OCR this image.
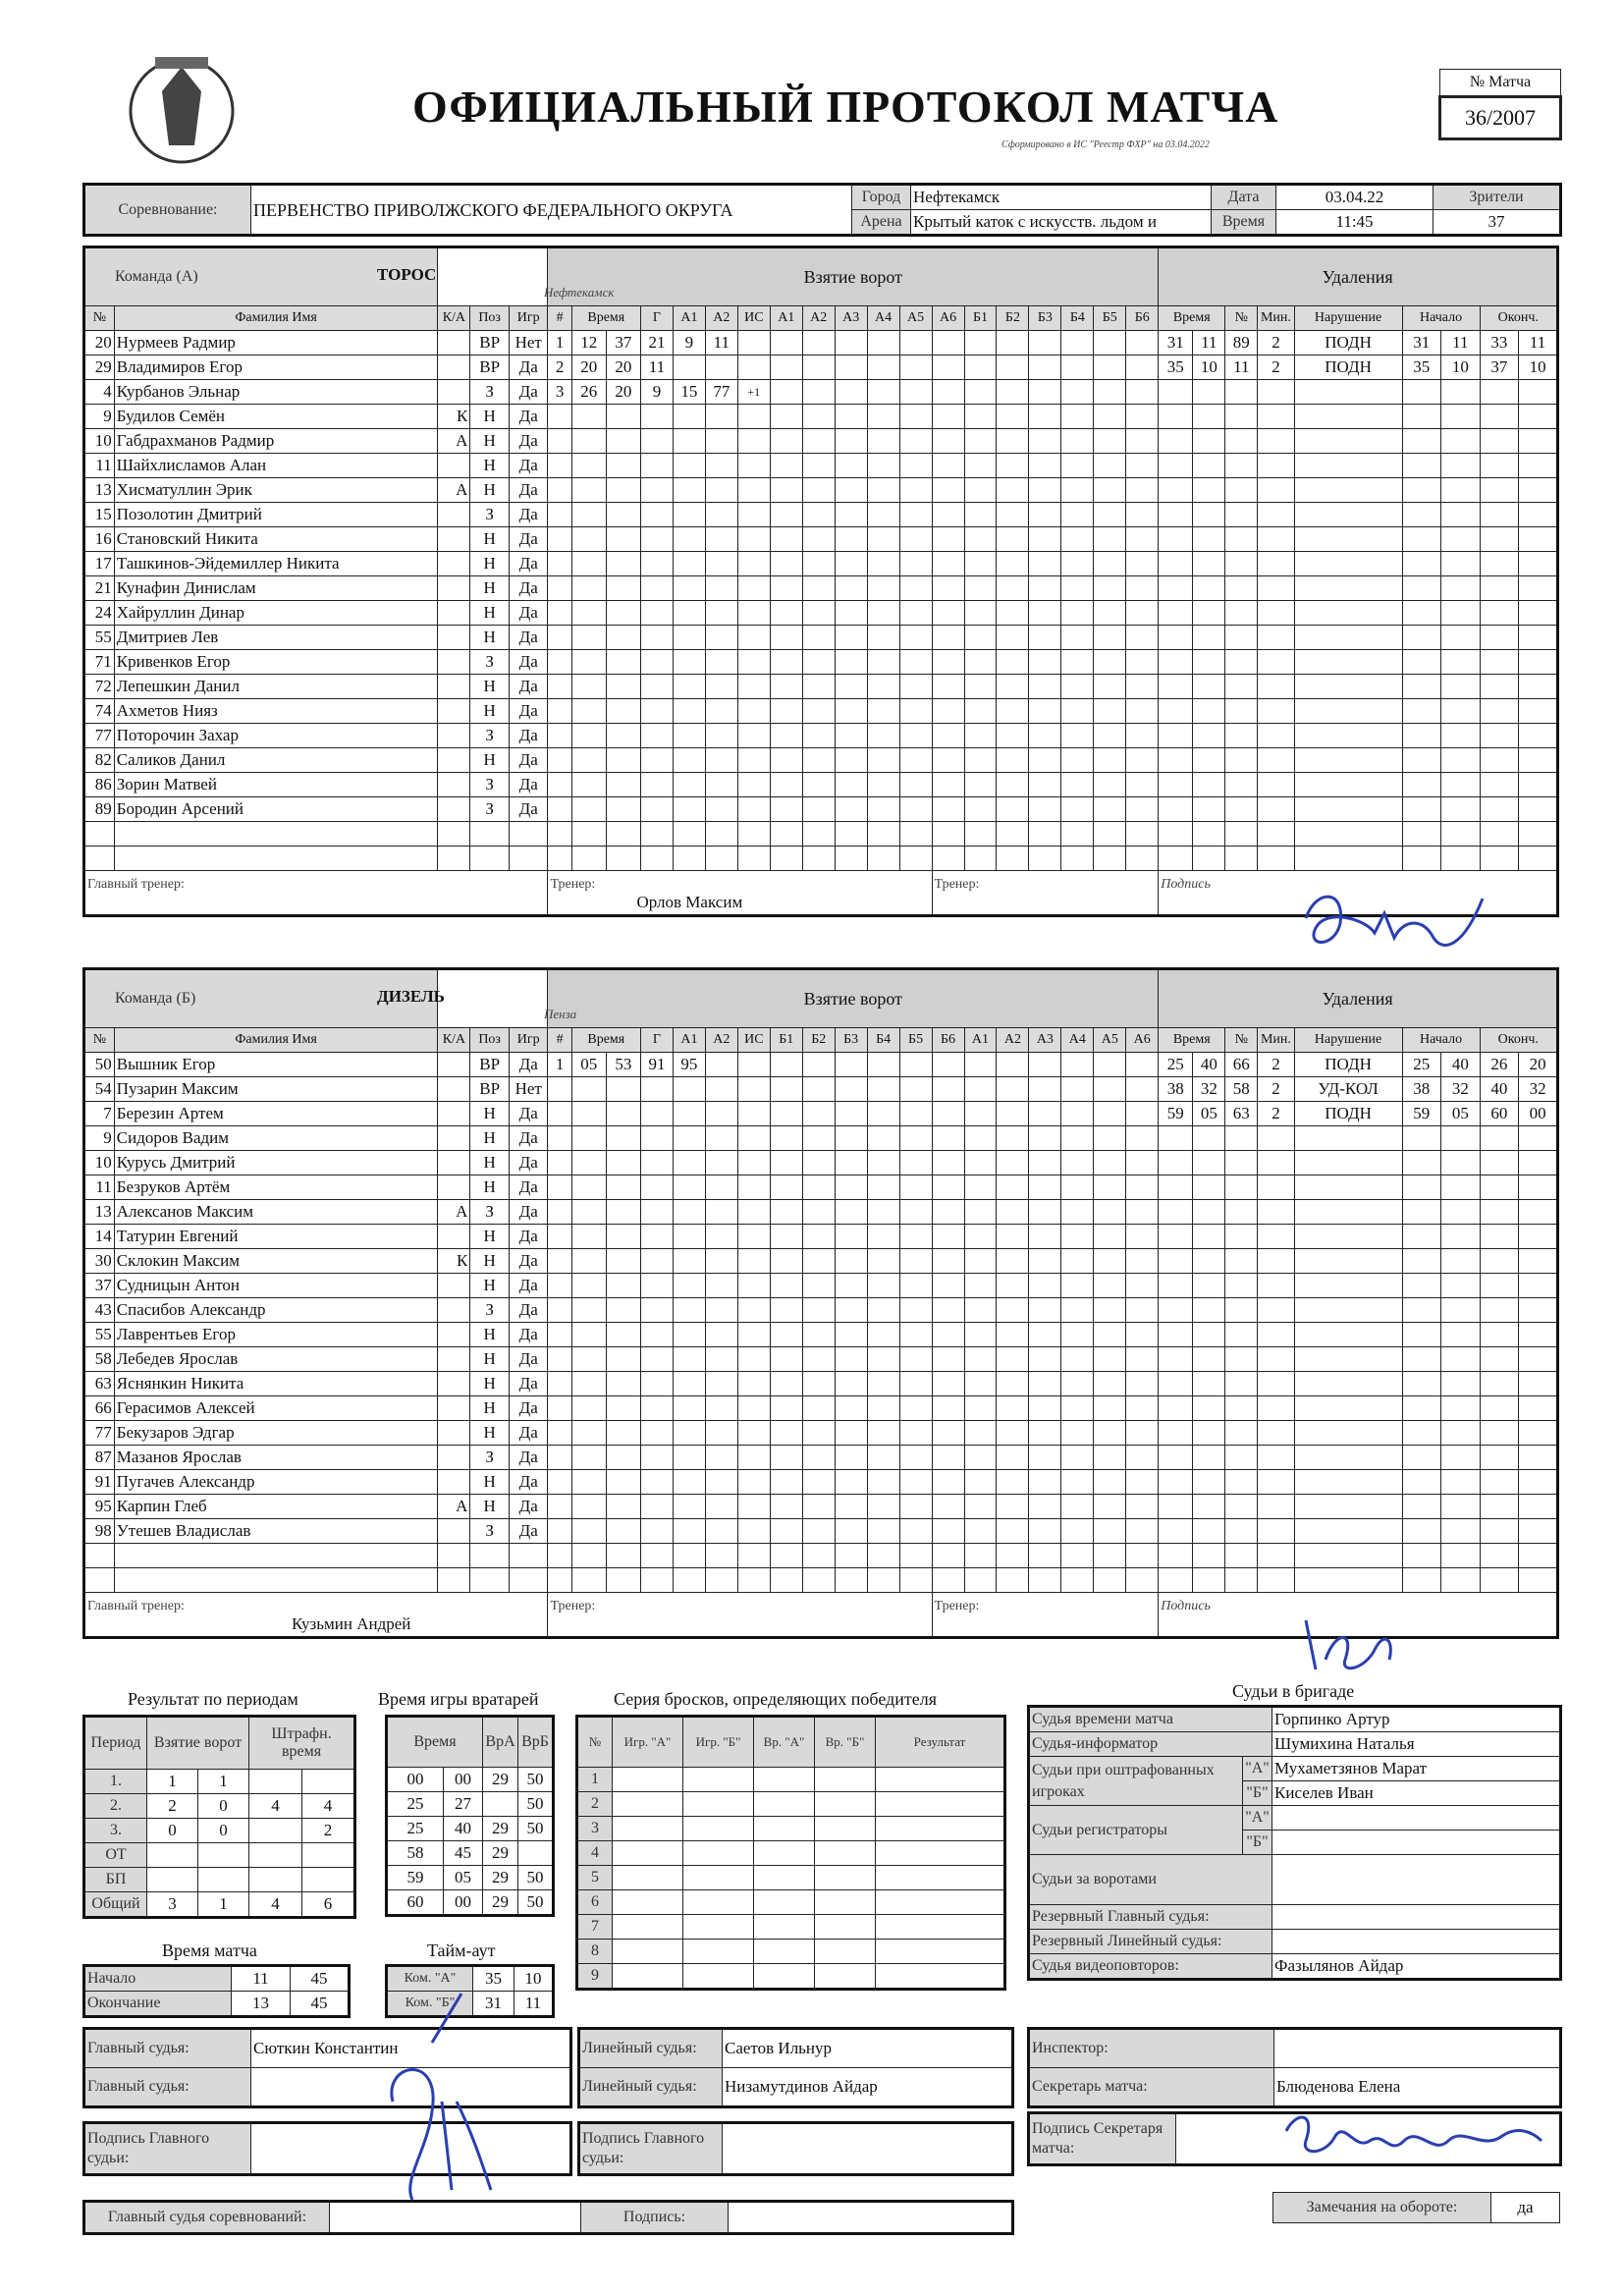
ОФИЦИАЛЬНЫЙ ПРОТОКОЛ МАТЧА
Сформировано в ИС "Реестр ФХР" на 03.04.2022
№ Матча
36/2007
Соревнование:	ПЕРВЕНСТВО ПРИВОЛЖСКОГО ФЕДЕРАЛЬНОГО ОКРУГА	Город	Нефтекамск	Дата	03.04.22	Зрители
		Арена	Крытый каток с искусств. льдом и	Время	11:45	37
Команда (А)					Взятие ворот																			Удаления								
№	Фамилия Имя	К/А	Поз	Игр	#	Время		Г	А1	А2	ИС	А1	А2	А3	А4	А5	А6	Б1	Б2	Б3	Б4	Б5	Б6	Время		№	Мин.	Нарушение	Начало		Оконч.	
20	Нурмеев Радмир		ВР	Нет	1	12	37	21	9	11														31	11	89	2	ПОДН	31	11	33	11
29	Владимиров Егор		ВР	Да	2	20	20	11																35	10	11	2	ПОДН	35	10	37	10
4	Курбанов Эльнар		З	Да	3	26	20	9	15	77	+1																					
9	Будилов Семён	К	Н	Да																												
10	Габдрахманов Радмир	А	Н	Да																												
11	Шайхлисламов Алан		Н	Да																												
13	Хисматуллин Эрик	А	Н	Да																												
15	Позолотин Дмитрий		З	Да																												
16	Становский Никита		Н	Да																												
17	Ташкинов-Эйдемиллер Никита		Н	Да																												
21	Кунафин Динислам		Н	Да																												
24	Хайруллин Динар		Н	Да																												
55	Дмитриев Лев		Н	Да																												
71	Кривенков Егор		З	Да																												
72	Лепешкин Данил		Н	Да																												
74	Ахметов Нияз		Н	Да																												
77	Поторочин Захар		З	Да																												
82	Саликов Данил		Н	Да																												
86	Зорин Матвей		З	Да																												
89	Бородин Арсений		З	Да																												

Главный тренер:					Тренер:
Орлов Максим												Тренер:							Подпись								
ТОРОС
Нефтекамск
Команда (Б)					Взятие ворот																			Удаления								
№	Фамилия Имя	К/А	Поз	Игр	#	Время		Г	А1	А2	ИС	Б1	Б2	Б3	Б4	Б5	Б6	А1	А2	А3	А4	А5	А6	Время		№	Мин.	Нарушение	Начало		Оконч.	
50	Вышник Егор		ВР	Да	1	05	53	91	95															25	40	66	2	ПОДН	25	40	26	20
54	Пузарин Максим		ВР	Нет																				38	32	58	2	УД-КОЛ	38	32	40	32
7	Березин Артем		Н	Да																				59	05	63	2	ПОДН	59	05	60	00
9	Сидоров Вадим		Н	Да																												
10	Курусь Дмитрий		Н	Да																												
11	Безруков Артём		Н	Да																												
13	Алексанов Максим	А	З	Да																												
14	Татурин Евгений		Н	Да																												
30	Склокин Максим	К	Н	Да																												
37	Судницын Антон		Н	Да																												
43	Спасибов Александр		З	Да																												
55	Лаврентьев Егор		Н	Да																												
58	Лебедев Ярослав		Н	Да																												
63	Яснянкин Никита		Н	Да																												
66	Герасимов Алексей		Н	Да																												
77	Бекузаров Эдгар		Н	Да																												
87	Мазанов Ярослав		З	Да																												
91	Пугачев Александр		Н	Да																												
95	Карпин Глеб	А	Н	Да																												
98	Утешев Владислав		З	Да																												

Главный тренер:
Кузьмин Андрей					Тренер:												Тренер:							Подпись								
ДИЗЕЛЬ
Пенза
Результат по периодам
Период	Взятие ворот		Штрафн. время	
1.	1	1		
2.	2	0	4	4
3.	0	0		2
ОТ				
БП				
Общий	3	1	4	6
Время матча
Начало	11	45
Окончание	13	45
Время игры вратарей
Время		ВрА	ВрБ
00	00	29	50
25	27		50
25	40	29	50
58	45	29	
59	05	29	50
60	00	29	50
Тайм-аут
Ком. "А"	35	10
Ком. "Б"	31	11
Серия бросков, определяющих победителя
№	Игр. "А"	Игр. "Б"	Вр. "А"	Вр. "Б"	Результат
1					
2					
3					
4					
5					
6					
7					
8					
9					
Судьи в бригаде
Судья времени матча		Горпинко Артур
Судья-информатор		Шумихина Наталья
Судьи при оштрафованных игроках	"А"	Мухаметзянов Марат
	"Б"	Киселев Иван
Судьи регистраторы	"А"	
	"Б"	
Судьи за воротами		
Резервный Главный судья:		
Резервный Линейный судья:		
Судья видеоповторов:		Фазылянов Айдар
Главный судья:	Сюткин Константин
Главный судья:	
Линейный судья:	Саетов Ильнур
Линейный судья:	Низамутдинов Айдар
Инспектор:	
Секретарь матча:	Блюденова Елена
Подпись Главного судьи:	
Подпись Главного судьи:	
Подпись Секретаря матча:	
Главный судья соревнований:		Подпись:	
Замечания на обороте:	да
